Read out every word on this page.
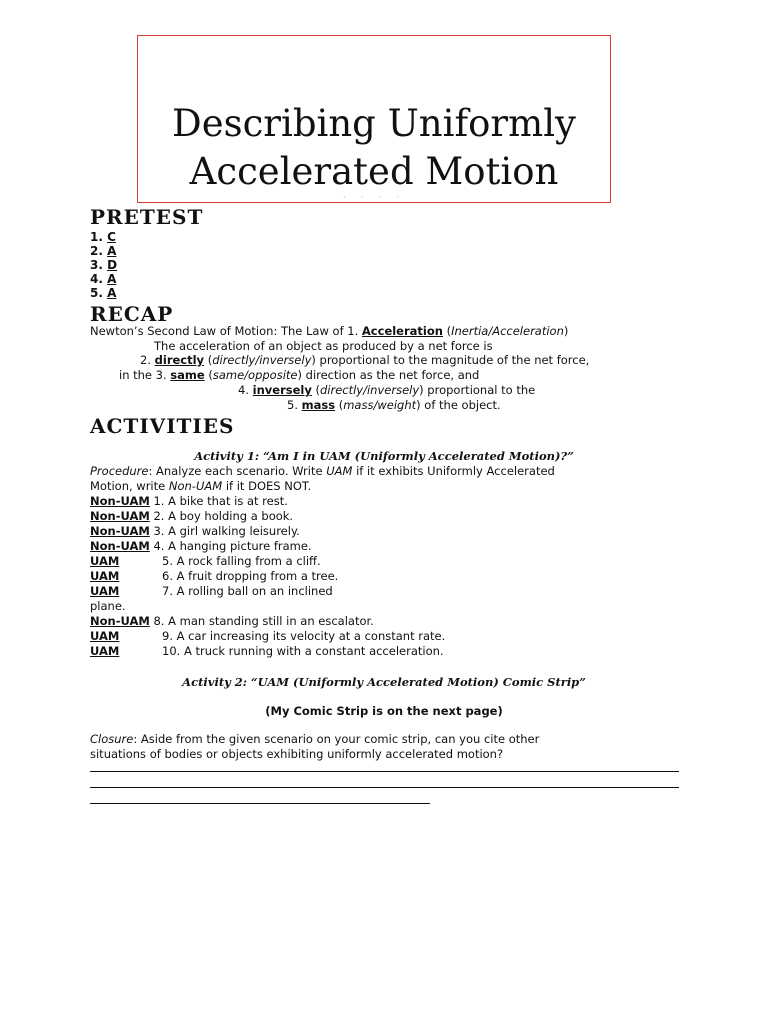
Describing Uniformly
Accelerated Motion
· · · ·
PRETEST
1. C
2. A
3. D
4. A
5. A
RECAP
Newton’s Second Law of Motion: The Law of 1. Acceleration (Inertia/Acceleration)
The acceleration of an object as produced by a net force is
2. directly (directly/inversely) proportional to the magnitude of the net force,
in the 3. same (same/opposite) direction as the net force, and
4. inversely (directly/inversely) proportional to the
5. mass (mass/weight) of the object.
ACTIVITIES
Activity 1: “Am I in UAM (Uniformly Accelerated Motion)?”
Procedure: Analyze each scenario. Write UAM if it exhibits Uniformly Accelerated
Motion, write Non-UAM if it DOES NOT.
Non-UAM 1. A bike that is at rest.
Non-UAM 2. A boy holding a book.
Non-UAM 3. A girl walking leisurely.
Non-UAM 4. A hanging picture frame.
UAM	5. A rock falling from a cliff.
UAM	6. A fruit dropping from a tree.
UAM	7. A rolling ball on an inclined
plane.
Non-UAM 8. A man standing still in an escalator.
UAM	9. A car increasing its velocity at a constant rate.
UAM	10. A truck running with a constant acceleration.
Activity 2: “UAM (Uniformly Accelerated Motion) Comic Strip”
(My Comic Strip is on the next page)
Closure: Aside from the given scenario on your comic strip, can you cite other
situations of bodies or objects exhibiting uniformly accelerated motion?
